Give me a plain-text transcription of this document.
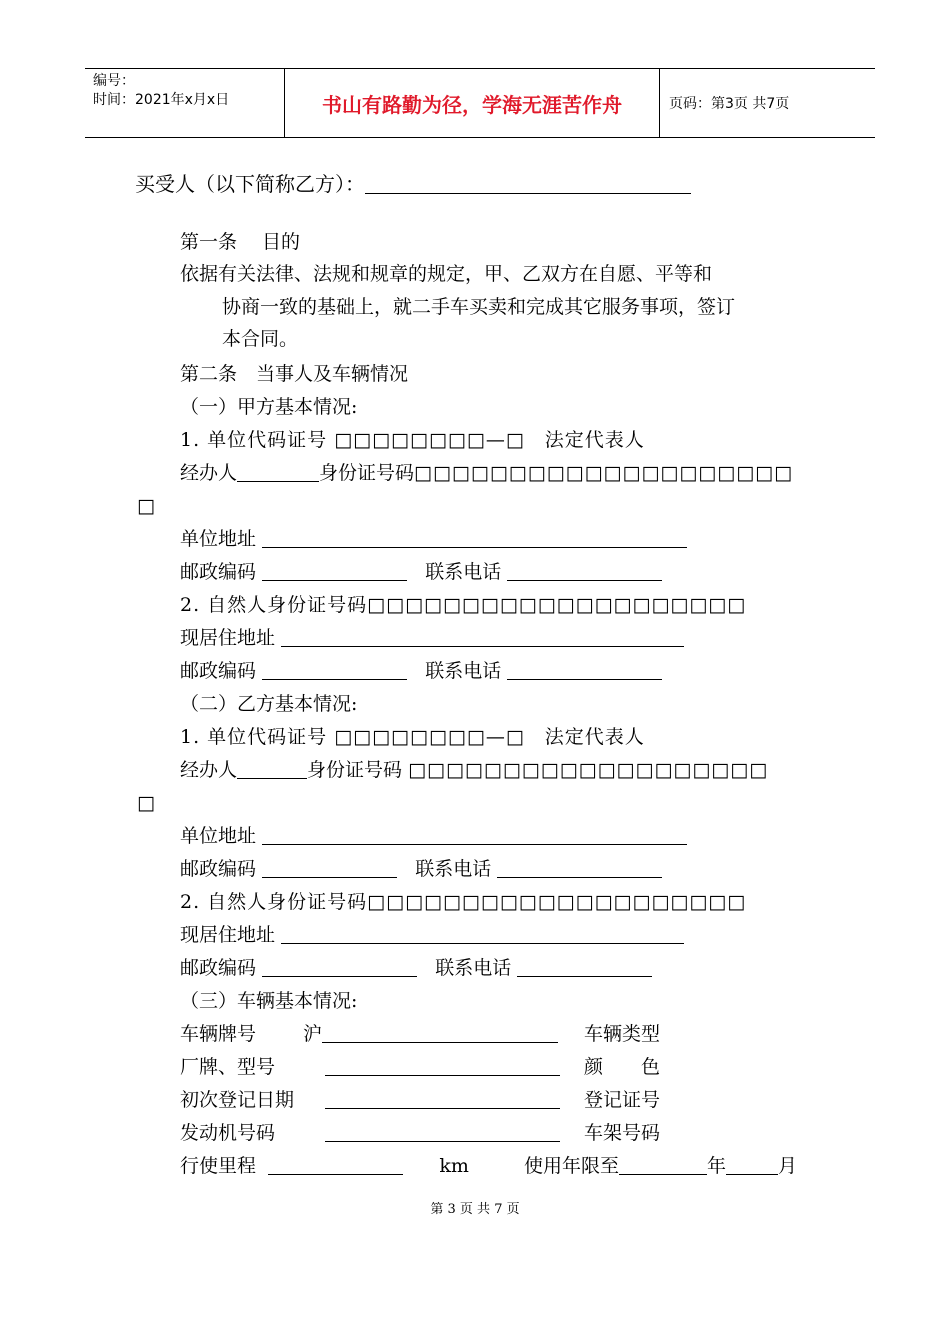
编号：
时间：2021年x月x日	书山有路勤为径，学海无涯苦作舟	页码：第3页 共7页
买受人（以下简称乙方）：
第一条　 目的
依据有关法律、法规和规章的规定，甲、乙双方在自愿、平等和
协商一致的基础上，就二手车买卖和完成其它服务事项，签订
本合同。
第二条　当事人及车辆情况
（一）甲方基本情况:
1. 单位代码证号 □□□□□□□□—□　法定代表人
经办人	身份证号码□□□□□□□□□□□□□□□□□□□□
□
单位地址
邮政编码	联系电话
2. 自然人身份证号码□□□□□□□□□□□□□□□□□□□□
现居住地址
邮政编码	联系电话
（二）乙方基本情况:
1. 单位代码证号 □□□□□□□□—□　法定代表人
经办人	身份证号码 □□□□□□□□□□□□□□□□□□□
□
单位地址
邮政编码	联系电话
2. 自然人身份证号码□□□□□□□□□□□□□□□□□□□□
现居住地址
邮政编码	联系电话
（三）车辆基本情况:
车辆牌号 沪	车辆类型
厂牌、型号	颜　　色
初次登记日期	登记证号
发动机号码	车架号码
行使里程	km	使用年限至	年	月
第 3 页 共 7 页
